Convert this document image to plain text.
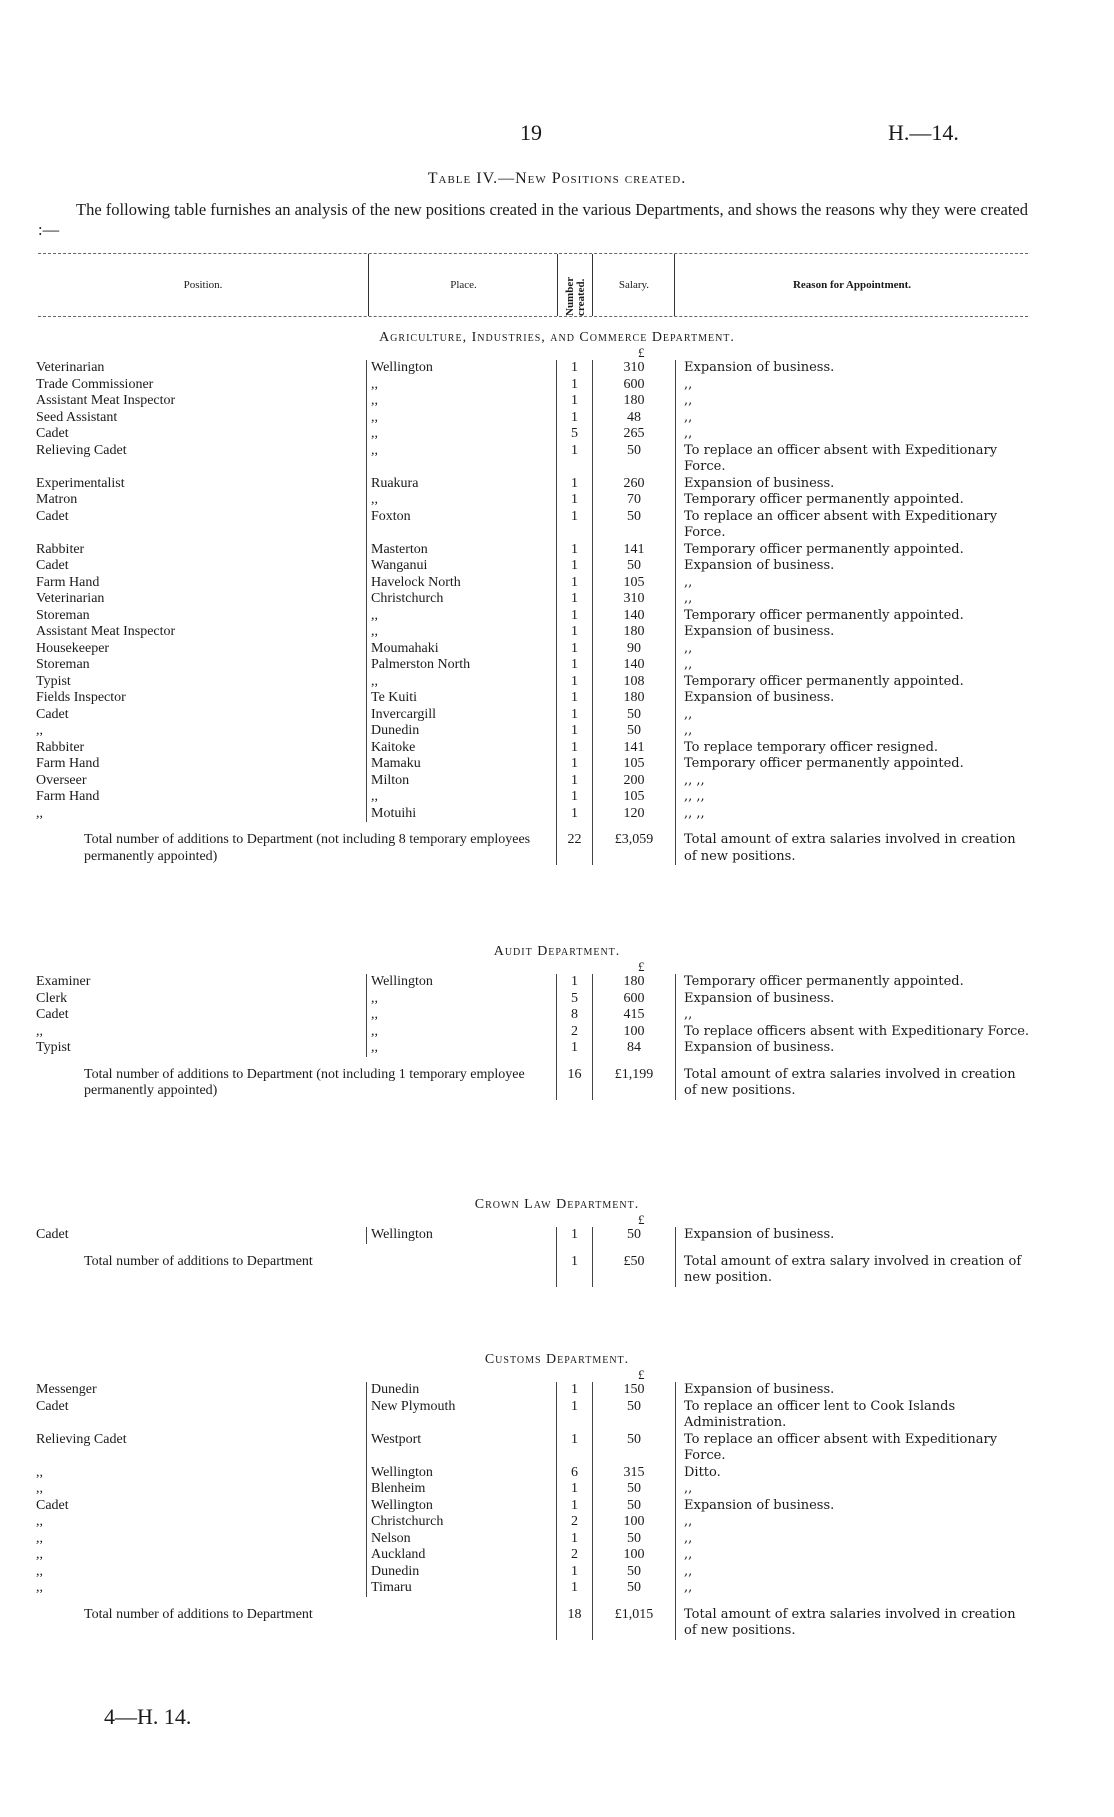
19	H.—14.
Table IV.—New Positions created.
The following table furnishes an analysis of the new positions created in the various Departments, and shows the reasons why they were created :—
Position.	Place.	Number created.	Salary.	Reason for Appointment.
Agriculture, Industries, and Commerce Department.
£
Veterinarian	Wellington	1	310	Expansion of business.
Trade Commissioner	,,	1	600	,,
Assistant Meat Inspector	,,	1	180	,,
Seed Assistant	,,	1	48	,,
Cadet	,,	5	265	,,
Relieving Cadet	,,	1	50	To replace an officer absent with Expeditionary Force.
Experimentalist	Ruakura	1	260	Expansion of business.
Matron	,,	1	70	Temporary officer permanently appointed.
Cadet	Foxton	1	50	To replace an officer absent with Expeditionary Force.
Rabbiter	Masterton	1	141	Temporary officer permanently appointed.
Cadet	Wanganui	1	50	Expansion of business.
Farm Hand	Havelock North	1	105	,,
Veterinarian	Christchurch	1	310	,,
Storeman	,,	1	140	Temporary officer permanently appointed.
Assistant Meat Inspector	,,	1	180	Expansion of business.
Housekeeper	Moumahaki	1	90	,,
Storeman	Palmerston North	1	140	,,
Typist	,,	1	108	Temporary officer permanently appointed.
Fields Inspector	Te Kuiti	1	180	Expansion of business.
Cadet	Invercargill	1	50	,,
,,	Dunedin	1	50	,,
Rabbiter	Kaitoke	1	141	To replace temporary officer resigned.
Farm Hand	Mamaku	1	105	Temporary officer permanently appointed.
Overseer	Milton	1	200	,, ,,
Farm Hand	,,	1	105	,, ,,
,,	Motuihi	1	120	,, ,,
Total number of additions to Department (not including 8 temporary employees permanently appointed)		22	£3,059	Total amount of extra salaries involved in creation of new positions.
Audit Department.
£
Examiner	Wellington	1	180	Temporary officer permanently appointed.
Clerk	,,	5	600	Expansion of business.
Cadet	,,	8	415	,,
,,	,,	2	100	To replace officers absent with Expeditionary Force.
Typist	,,	1	84	Expansion of business.
Total number of additions to Department (not including 1 temporary employee permanently appointed)		16	£1,199	Total amount of extra salaries involved in creation of new positions.
Crown Law Department.
£
Cadet	Wellington	1	50	Expansion of business.
Total number of additions to Department		1	£50	Total amount of extra salary involved in creation of new position.
Customs Department.
£
Messenger	Dunedin	1	150	Expansion of business.
Cadet	New Plymouth	1	50	To replace an officer lent to Cook Islands Administration.
Relieving Cadet	Westport	1	50	To replace an officer absent with Expeditionary Force.
,,	Wellington	6	315	Ditto.
,,	Blenheim	1	50	,,
Cadet	Wellington	1	50	Expansion of business.
,,	Christchurch	2	100	,,
,,	Nelson	1	50	,,
,,	Auckland	2	100	,,
,,	Dunedin	1	50	,,
,,	Timaru	1	50	,,
Total number of additions to Department		18	£1,015	Total amount of extra salaries involved in creation of new positions.
4—H. 14.
